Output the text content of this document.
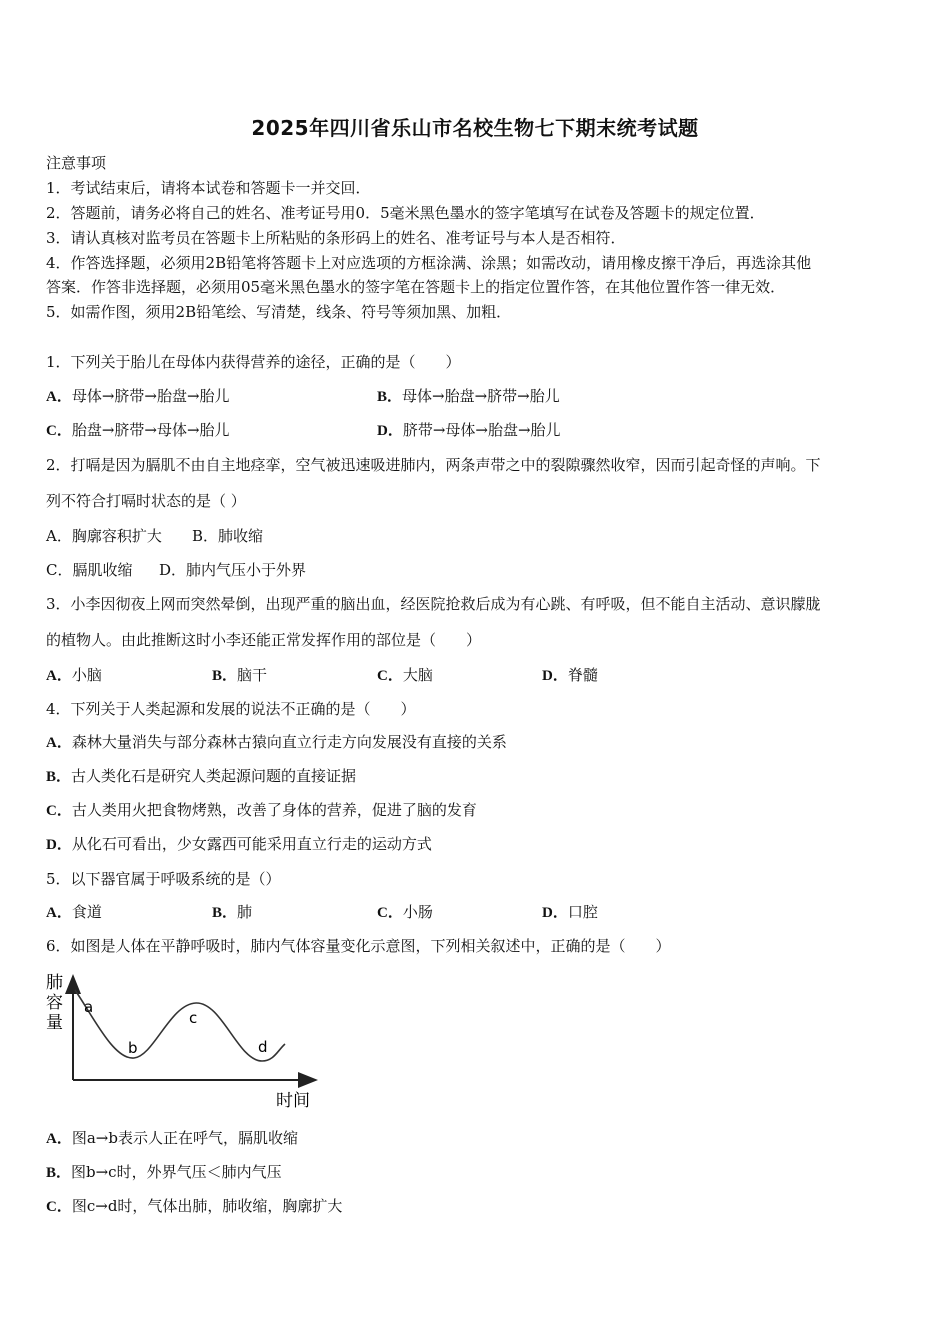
2025年四川省乐山市名校生物七下期末统考试题
注意事项
1．考试结束后，请将本试卷和答题卡一并交回．
2．答题前，请务必将自己的姓名、准考证号用0．5毫米黑色墨水的签字笔填写在试卷及答题卡的规定位置．
3．请认真核对监考员在答题卡上所粘贴的条形码上的姓名、准考证号与本人是否相符．
4．作答选择题，必须用2B铅笔将答题卡上对应选项的方框涂满、涂黑；如需改动，请用橡皮擦干净后，再选涂其他
答案．作答非选择题，必须用05毫米黑色墨水的签字笔在答题卡上的指定位置作答，在其他位置作答一律无效．
5．如需作图，须用2B铅笔绘、写清楚，线条、符号等须加黑、加粗．
1．下列关于胎儿在母体内获得营养的途径，正确的是（　　）
A．母体→脐带→胎盘→胎儿	B．母体→胎盘→脐带→胎儿
C．胎盘→脐带→母体→胎儿	D．脐带→母体→胎盘→胎儿
2．打嗝是因为膈肌不由自主地痉挛，空气被迅速吸进肺内，两条声带之中的裂隙骤然收窄，因而引起奇怪的声响。下
列不符合打嗝时状态的是（ ）
A．胸廓容积扩大 B．肺收缩
C．膈肌收缩 D．肺内气压小于外界
3．小李因彻夜上网而突然晕倒，出现严重的脑出血，经医院抢救后成为有心跳、有呼吸，但不能自主活动、意识朦胧
的植物人。由此推断这时小李还能正常发挥作用的部位是（　　）
A．小脑	B．脑干	C．大脑	D．脊髓
4．下列关于人类起源和发展的说法不正确的是（　　）
A．森林大量消失与部分森林古猿向直立行走方向发展没有直接的关系
B．古人类化石是研究人类起源问题的直接证据
C．古人类用火把食物烤熟，改善了身体的营养，促进了脑的发育
D．从化石可看出，少女露西可能采用直立行走的运动方式
5．以下器官属于呼吸系统的是（）
A．食道	B．肺	C．小肠	D．口腔
6．如图是人体在平静呼吸时，肺内气体容量变化示意图，下列相关叙述中，正确的是（　　）
肺
容
量
a
b
c
d
时间
A．图a→b表示人正在呼气，膈肌收缩
B．图b→c时，外界气压＜肺内气压
C．图c→d时，气体出肺，肺收缩，胸廓扩大
